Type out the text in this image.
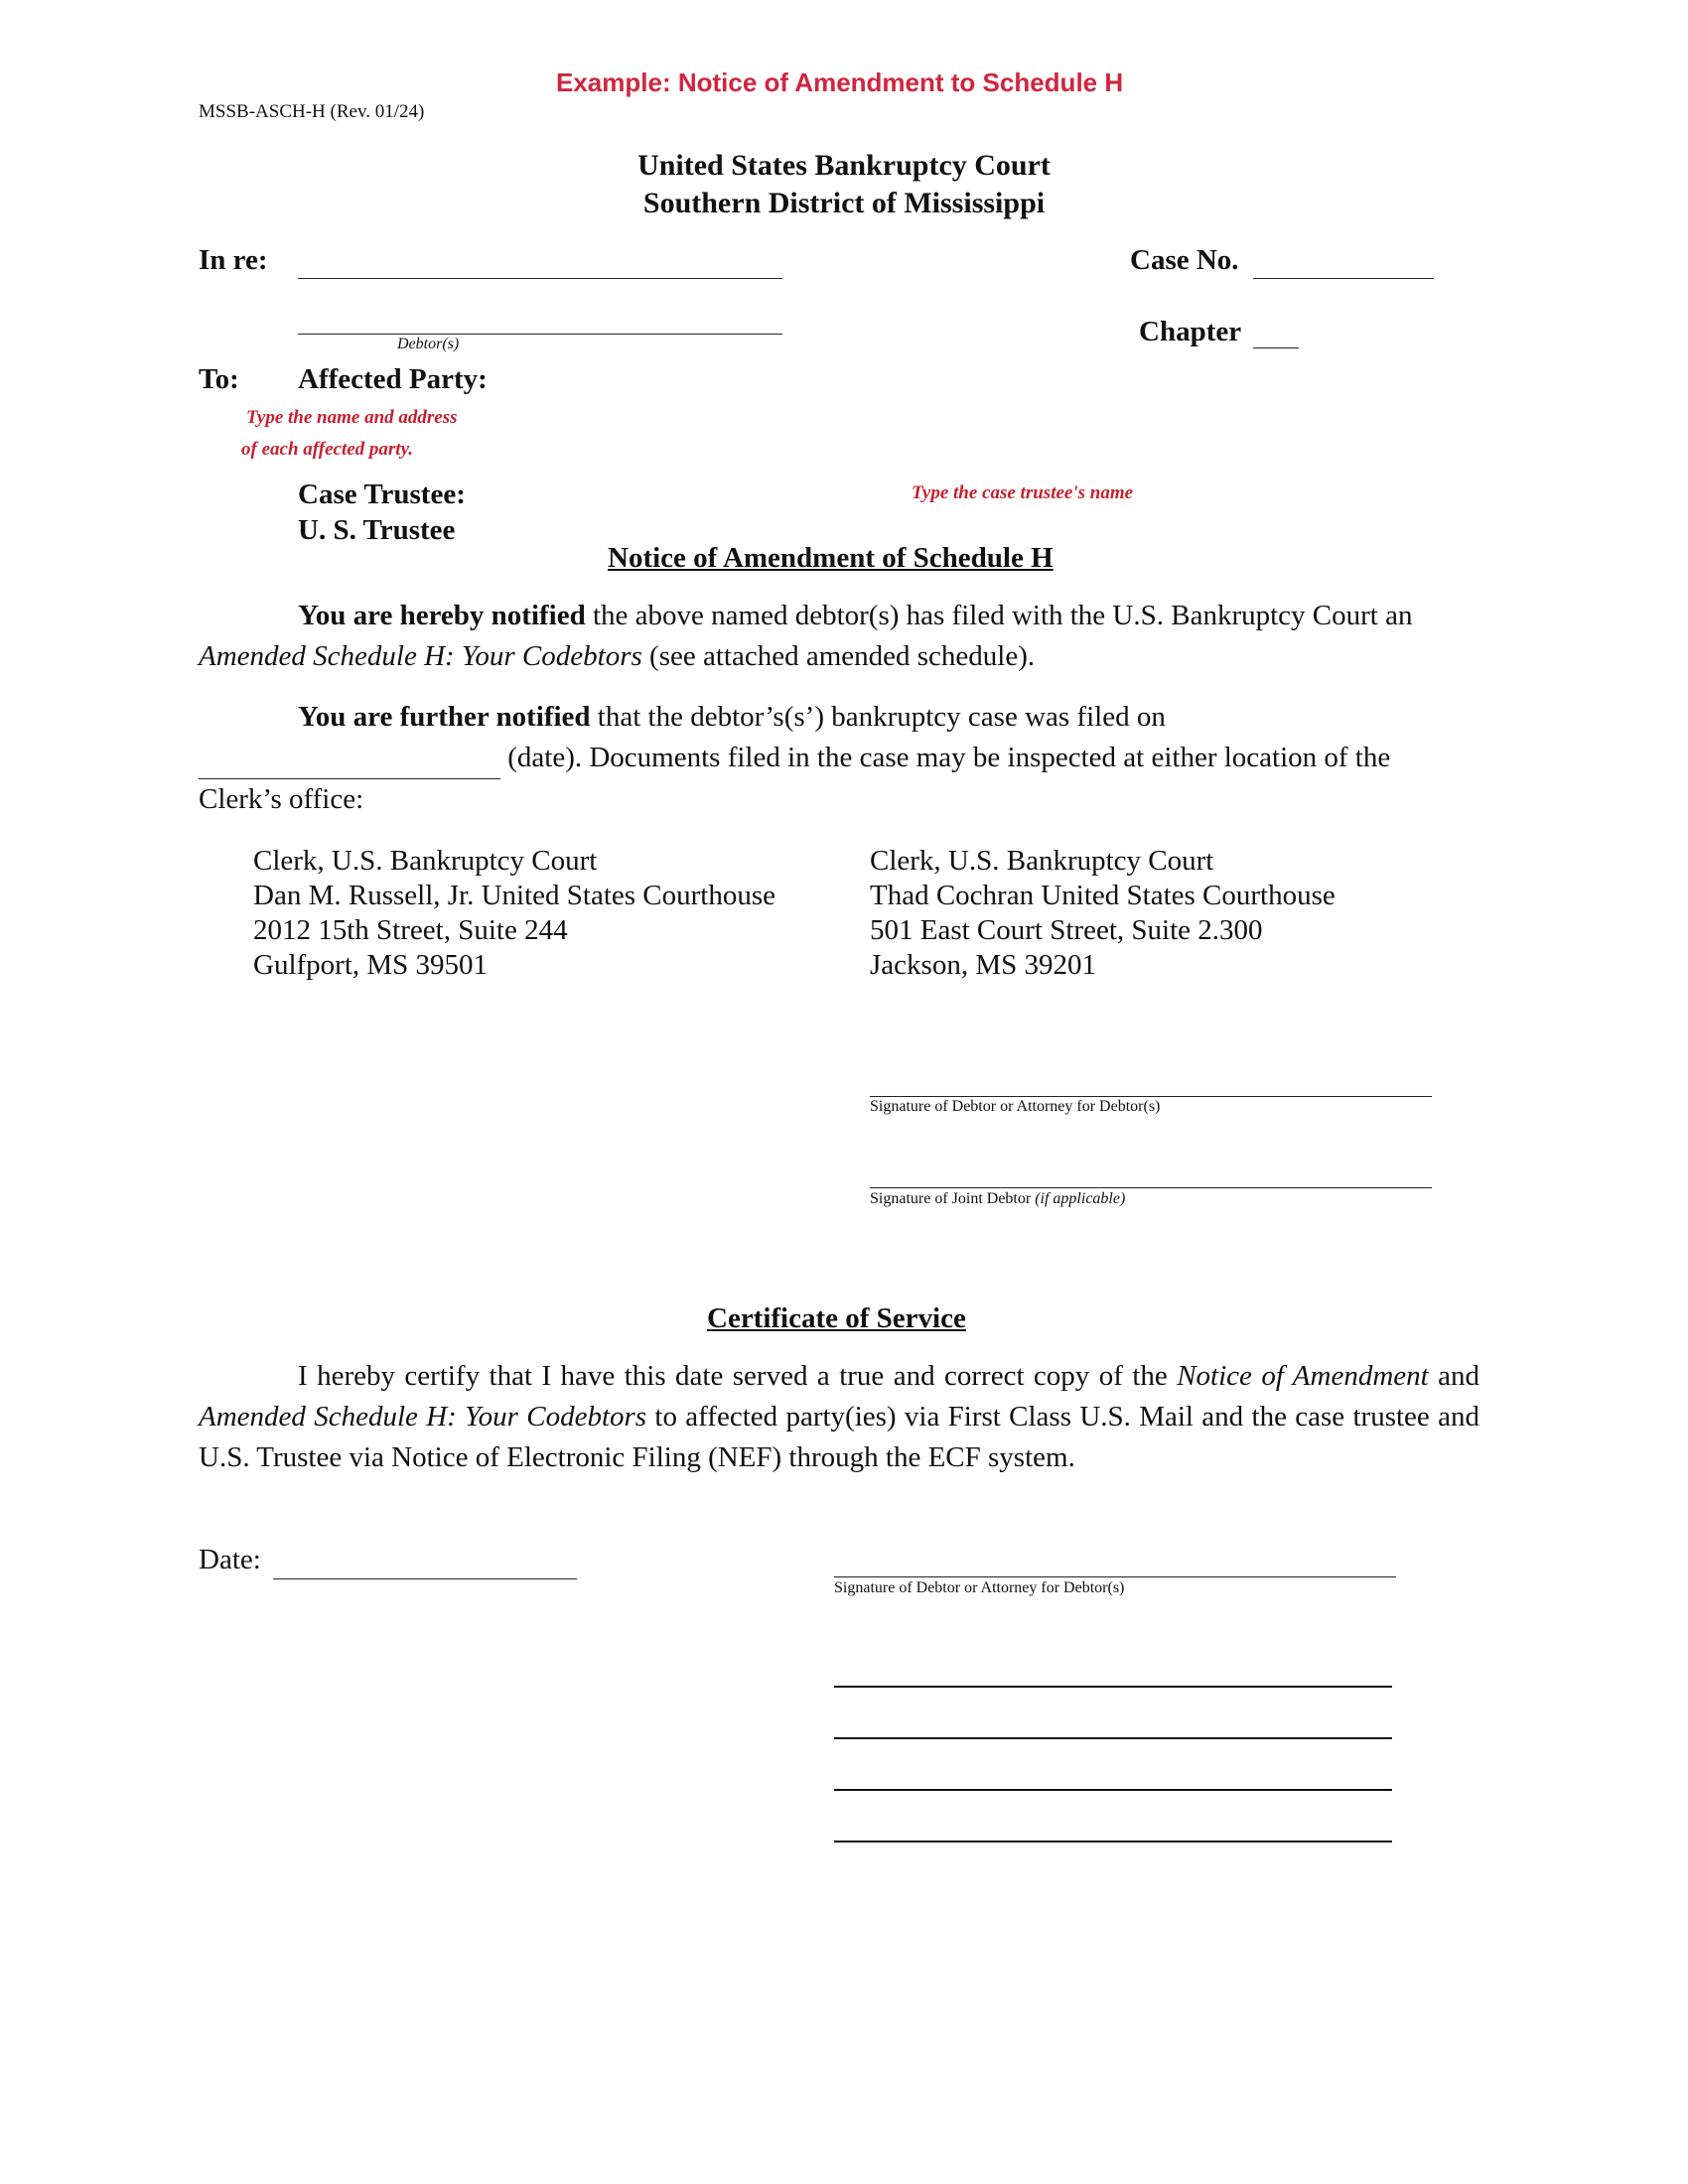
Example: Notice of Amendment to Schedule H
MSSB-ASCH-H (Rev. 01/24)
United States Bankruptcy Court
Southern District of Mississippi
In re:
Debtor(s)
Case No.
Chapter
To: Affected Party:
Type the name and address
of each affected party.
Case Trustee:	Type the case trustee's name
U. S. Trustee
Notice of Amendment of Schedule H
You are hereby notified the above named debtor(s) has filed with the U.S. Bankruptcy Court an Amended Schedule H: Your Codebtors (see attached amended schedule).
You are further notified that the debtor’s(s’) bankruptcy case was filed on
(date). Documents filed in the case may be inspected at either location of the Clerk’s office:
Clerk, U.S. Bankruptcy Court
Dan M. Russell, Jr. United States Courthouse
2012 15th Street, Suite 244
Gulfport, MS 39501
Clerk, U.S. Bankruptcy Court
Thad Cochran United States Courthouse
501 East Court Street, Suite 2.300
Jackson, MS 39201
Signature of Debtor or Attorney for Debtor(s)
Signature of Joint Debtor (if applicable)
Certificate of Service
I hereby certify that I have this date served a true and correct copy of the Notice of Amendment and Amended Schedule H: Your Codebtors to affected party(ies) via First Class U.S. Mail and the case trustee and U.S. Trustee via Notice of Electronic Filing (NEF) through the ECF system.
Date:
Signature of Debtor or Attorney for Debtor(s)
